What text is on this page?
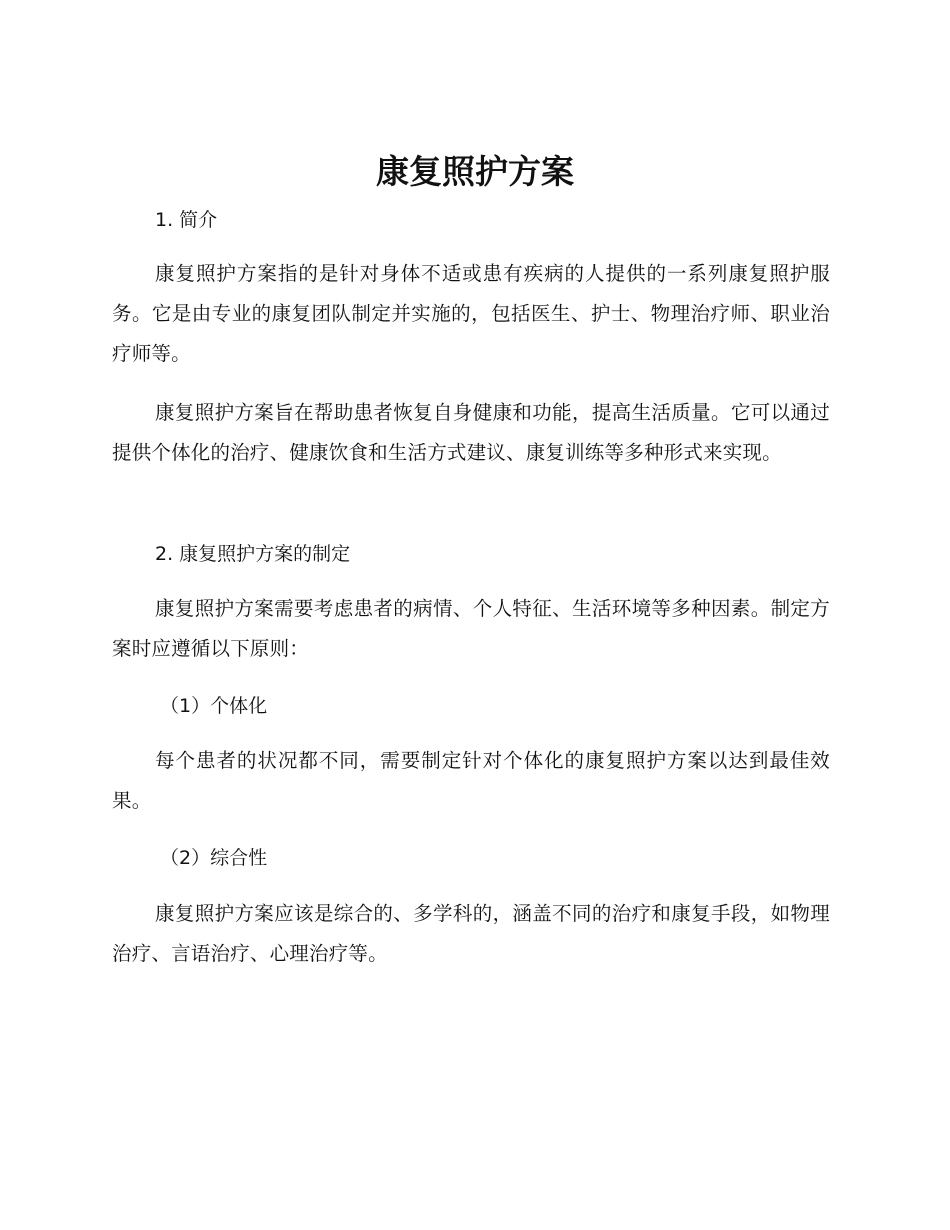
康复照护方案
1. 简介

康复照护方案指的是针对身体不适或患有疾病的人提供的一系列康复照护服务。它是由专业的康复团队制定并实施的，包括医生、护士、物理治疗师、职业治疗师等。

康复照护方案旨在帮助患者恢复自身健康和功能，提高生活质量。它可以通过提供个体化的治疗、健康饮食和生活方式建议、康复训练等多种形式来实现。

2. 康复照护方案的制定

康复照护方案需要考虑患者的病情、个人特征、生活环境等多种因素。制定方案时应遵循以下原则：

（1）个体化

每个患者的状况都不同，需要制定针对个体化的康复照护方案以达到最佳效果。

（2）综合性

康复照护方案应该是综合的、多学科的，涵盖不同的治疗和康复手段，如物理治疗、言语治疗、心理治疗等。
